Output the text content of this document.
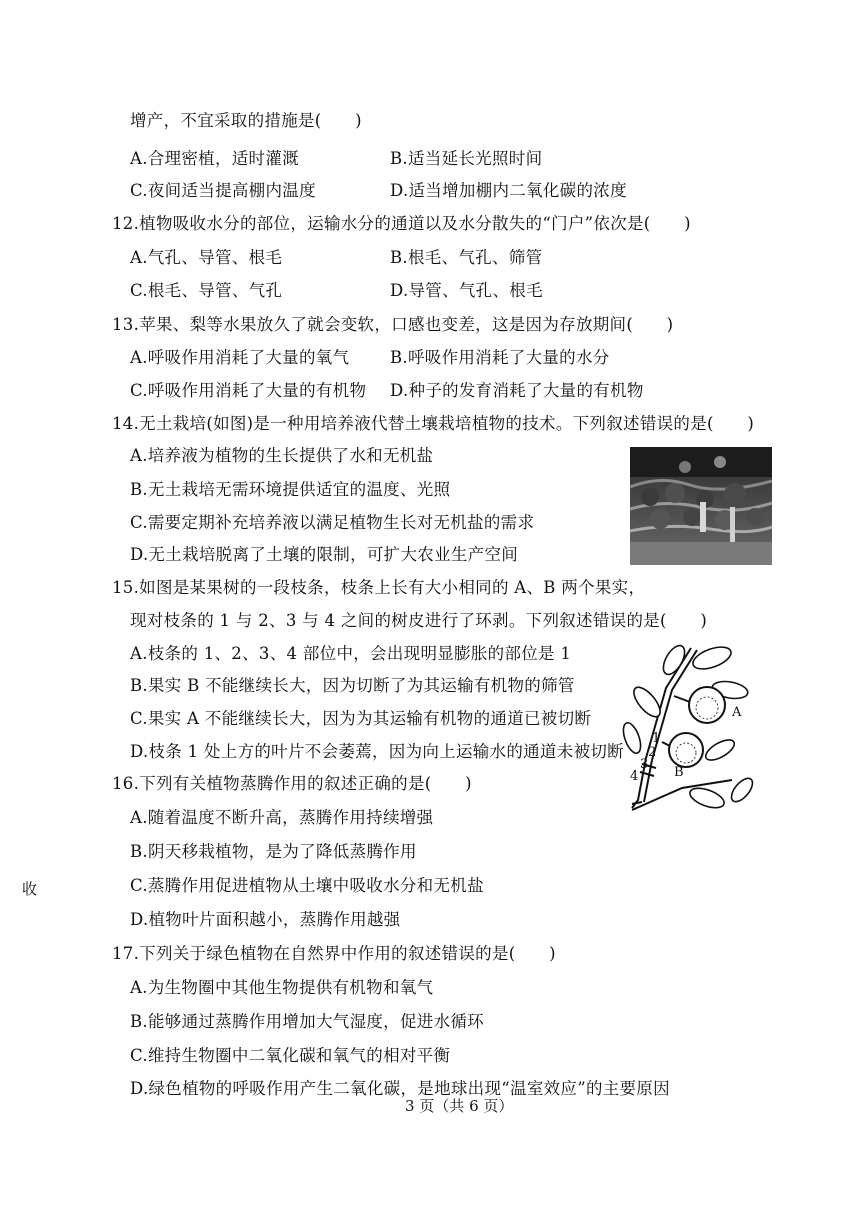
增产，不宜采取的措施是(　　)
A.合理密植，适时灌溉	B.适当延长光照时间
C.夜间适当提高棚内温度	D.适当增加棚内二氧化碳的浓度
12.植物吸收水分的部位，运输水分的通道以及水分散失的“门户”依次是(　　)
A.气孔、导管、根毛	B.根毛、气孔、筛管
C.根毛、导管、气孔	D.导管、气孔、根毛
13.苹果、梨等水果放久了就会变软，口感也变差，这是因为存放期间(　　)
A.呼吸作用消耗了大量的氧气 B.呼吸作用消耗了大量的水分
C.呼吸作用消耗了大量的有机物 D.种子的发育消耗了大量的有机物
14.无土栽培(如图)是一种用培养液代替土壤栽培植物的技术。下列叙述错误的是(　　)
A.培养液为植物的生长提供了水和无机盐
B.无土栽培无需环境提供适宜的温度、光照
C.需要定期补充培养液以满足植物生长对无机盐的需求
D.无土栽培脱离了土壤的限制，可扩大农业生产空间
15.如图是某果树的一段枝条，枝条上长有大小相同的 A、B 两个果实，
现对枝条的 1 与 2、3 与 4 之间的树皮进行了环剥。下列叙述错误的是(　　)
A.枝条的 1、2、3、4 部位中，会出现明显膨胀的部位是 1
B.果实 B 不能继续长大，因为切断了为其运输有机物的筛管
C.果实 A 不能继续长大，因为为其运输有机物的通道已被切断
D.枝条 1 处上方的叶片不会萎蔫，因为向上运输水的通道未被切断
A
B
1
2
3
4
16.下列有关植物蒸腾作用的叙述正确的是(　　)
A.随着温度不断升高，蒸腾作用持续增强
B.阴天移栽植物，是为了降低蒸腾作用
C.蒸腾作用促进植物从土壤中吸收水分和无机盐
D.植物叶片面积越小，蒸腾作用越强
收
17.下列关于绿色植物在自然界中作用的叙述错误的是(　　)
A.为生物圈中其他生物提供有机物和氧气
B.能够通过蒸腾作用增加大气湿度，促进水循环
C.维持生物圈中二氧化碳和氧气的相对平衡
D.绿色植物的呼吸作用产生二氧化碳，是地球出现“温室效应”的主要原因
3 页（共 6 页）
